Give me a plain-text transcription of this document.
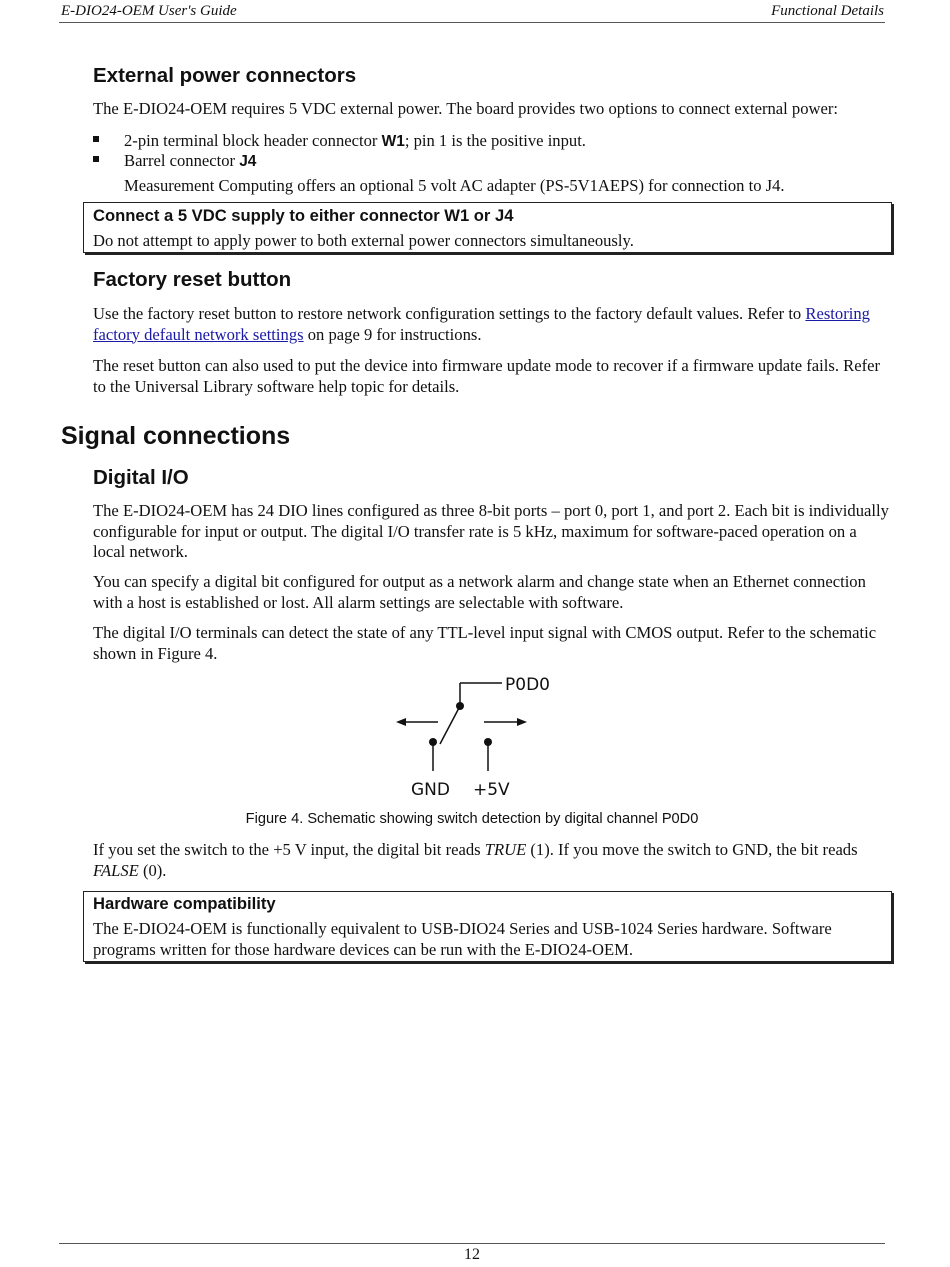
E-DIO24-OEM User's Guide	Functional Details
External power connectors

The E-DIO24-OEM requires 5 VDC external power. The board provides two options to connect external power:

2-pin terminal block header connector W1; pin 1 is the positive input.
Barrel connector J4

Measurement Computing offers an optional 5 volt AC adapter (PS-5V1AEPS) for connection to J4.

Connect a 5 VDC supply to either connector W1 or J4
Do not attempt to apply power to both external power connectors simultaneously.
Factory reset button

Use the factory reset button to restore network configuration settings to the factory default values. Refer to Restoring factory default network settings on page 9 for instructions.

The reset button can also used to put the device into firmware update mode to recover if a firmware update fails. Refer to the Universal Library software help topic for details.

Signal connections
Digital I/O

The E-DIO24-OEM has 24 DIO lines configured as three 8-bit ports – port 0, port 1, and port 2. Each bit is individually configurable for input or output. The digital I/O transfer rate is 5 kHz, maximum for software-paced operation on a local network.

You can specify a digital bit configured for output as a network alarm and change state when an Ethernet connection with a host is established or lost. All alarm settings are selectable with software.

The digital I/O terminals can detect the state of any TTL-level input signal with CMOS output. Refer to the schematic shown in Figure 4.

P0D0
GND +5V
Figure 4. Schematic showing switch detection by digital channel P0D0

If you set the switch to the +5 V input, the digital bit reads TRUE (1). If you move the switch to GND, the bit reads FALSE (0).

Hardware compatibility
The E-DIO24-OEM is functionally equivalent to USB-DIO24 Series and USB-1024 Series hardware. Software programs written for those hardware devices can be run with the E-DIO24-OEM.
12
